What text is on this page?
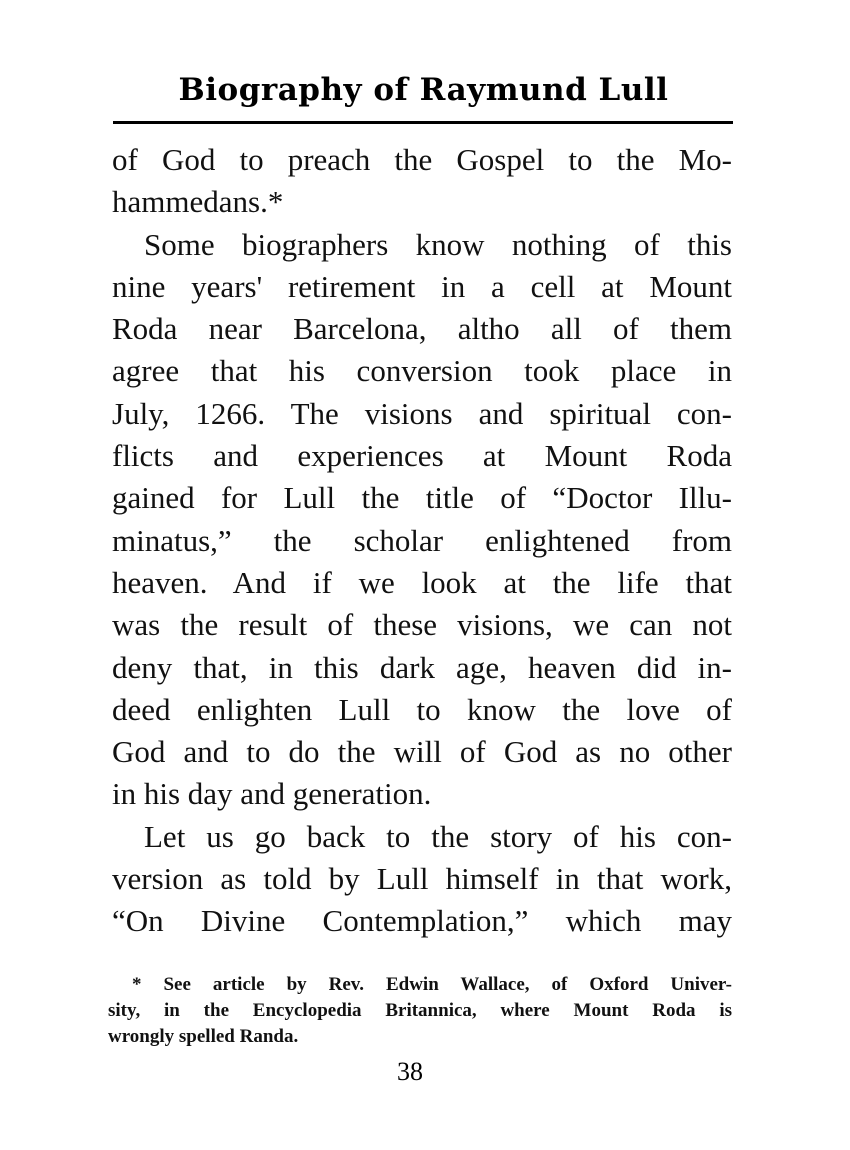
Biography of Raymund Lull
of God to preach the Gospel to the Mo-
hammedans.*
Some biographers know nothing of this
nine years' retirement in a cell at Mount
Roda near Barcelona, altho all of them
agree that his conversion took place in
July, 1266. The visions and spiritual con-
flicts and experiences at Mount Roda
gained for Lull the title of “Doctor Illu-
minatus,” the scholar enlightened from
heaven. And if we look at the life that
was the result of these visions, we can not
deny that, in this dark age, heaven did in-
deed enlighten Lull to know the love of
God and to do the will of God as no other
in his day and generation.
Let us go back to the story of his con-
version as told by Lull himself in that work,
“On Divine Contemplation,” which may
* See article by Rev. Edwin Wallace, of Oxford Univer-
sity, in the Encyclopedia Britannica, where Mount Roda is
wrongly spelled Randa.
38
